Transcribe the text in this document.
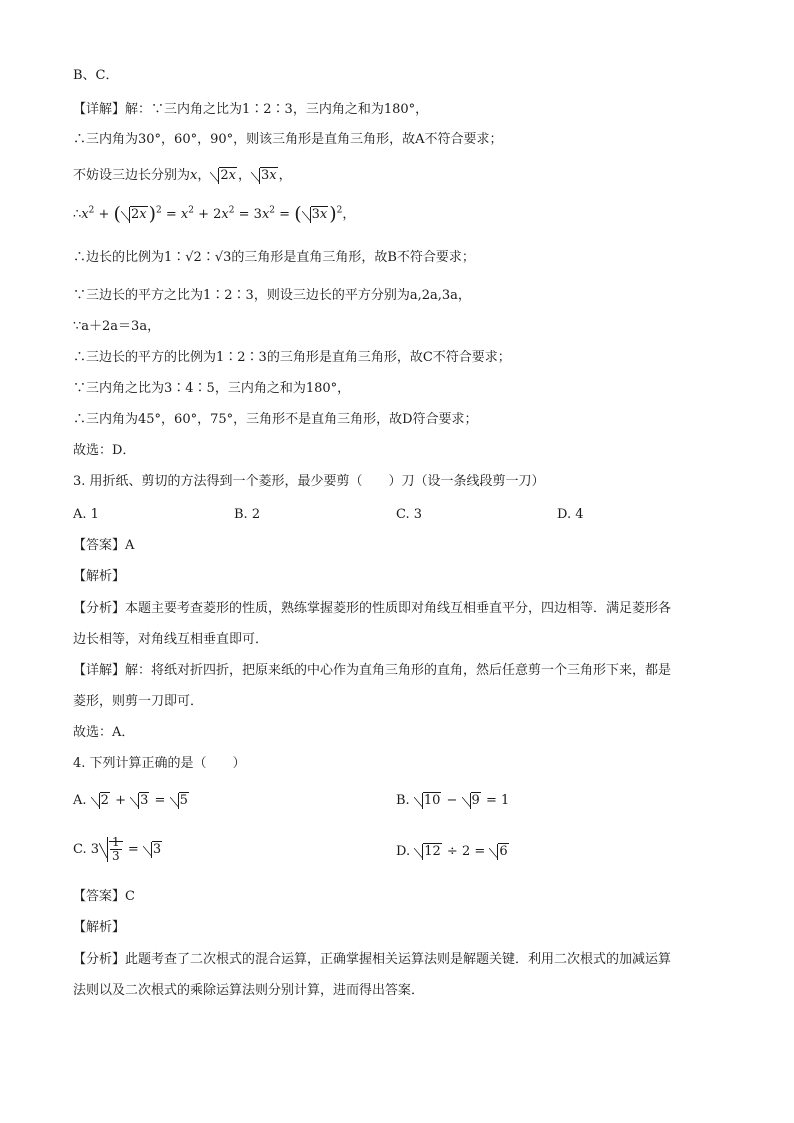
B、C．
【详解】解：∵三内角之比为1∶2∶3，三内角之和为180°，
∴三内角为30°，60°，90°，则该三角形是直角三角形，故A不符合要求；
不妨设三边长分别为x， 2x ， 3x ，
$\therefore x^2$ + ( 2x )$^2 = x^2 + 2x^2 = 3x^2$ = ( 3x )$^2$，
∴边长的比例为1∶√2∶√3的三角形是直角三角形，故B不符合要求；
∵三边长的平方之比为1∶2∶3，则设三边长的平方分别为a,2a,3a，
∵a＋2a＝3a，
∴三边长的平方的比例为1∶2∶3的三角形是直角三角形，故C不符合要求；
∵三内角之比为3∶4∶5，三内角之和为180°，
∴三内角为45°，60°，75°，三角形不是直角三角形，故D符合要求；
故选：D．
3. 用折纸、剪切的方法得到一个菱形，最少要剪（　　）刀（设一条线段剪一刀）
A. 1	B. 2	C. 3	D. 4
【答案】A
【解析】
【分析】本题主要考查菱形的性质，熟练掌握菱形的性质即对角线互相垂直平分，四边相等．满足菱形各
边长相等，对角线互相垂直即可．
【详解】解：将纸对折四折，把原来纸的中心作为直角三角形的直角，然后任意剪一个三角形下来，都是
菱形，则剪一刀即可．
故选：A．
4. 下列计算正确的是（　　）
A. 2 + 3 = 5	B. 10 − 9 = 1
C. $3 \frac{1}{3} = 3$	D. 12 ÷ 2 = 6
【答案】C
【解析】
【分析】此题考查了二次根式的混合运算，正确掌握相关运算法则是解题关键．利用二次根式的加减运算
法则以及二次根式的乘除运算法则分别计算，进而得出答案．
